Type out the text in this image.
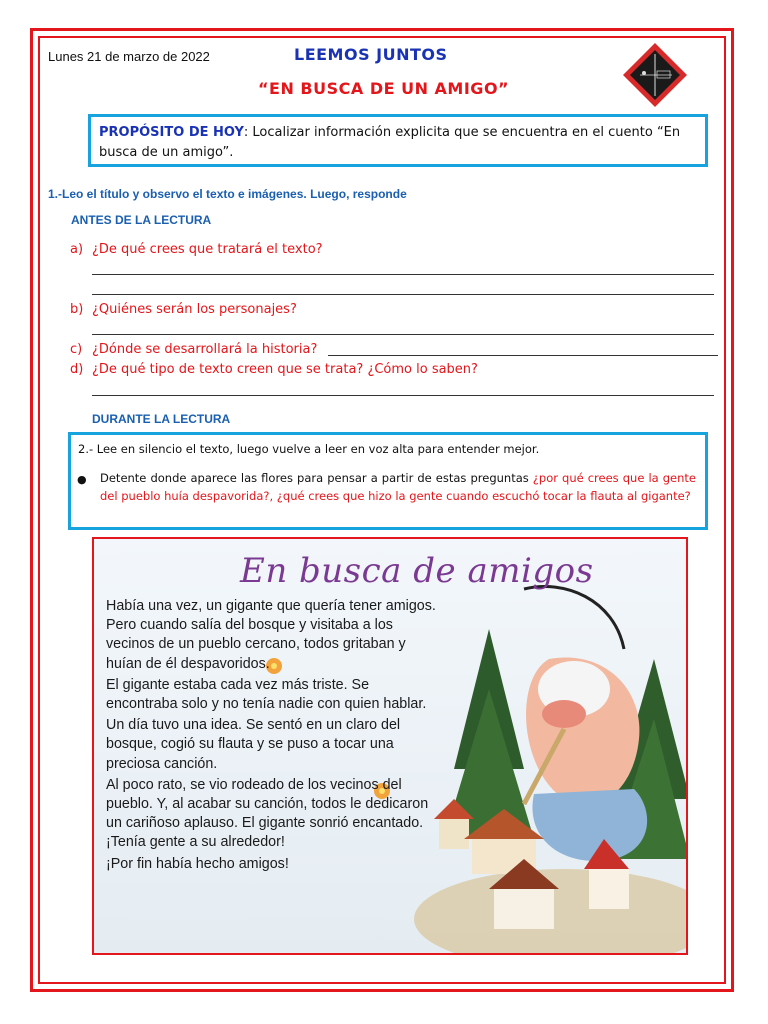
Lunes 21 de marzo de 2022	LEEMOS JUNTOS
“EN BUSCA DE UN AMIGO”
PROPÓSITO DE HOY: Localizar información explicita que se encuentra en el cuento “En busca de un amigo”.
1.-Leo el título y observo el texto e imágenes. Luego, responde
ANTES DE LA LECTURA
a) ¿De qué crees que tratará el texto?
b) ¿Quiénes serán los personajes?
c) ¿Dónde se desarrollará la historia?
d) ¿De qué tipo de texto creen que se trata? ¿Cómo lo saben?
DURANTE LA LECTURA
2.- Lee en silencio el texto, luego vuelve a leer en voz alta para entender mejor.
● Detente donde aparece las flores para pensar a partir de estas preguntas ¿por qué crees que la gente del pueblo huía despavorida?, ¿qué crees que hizo la gente cuando escuchó tocar la flauta al gigante?
En busca de amigos

Había una vez, un gigante que quería tener amigos. Pero cuando salía del bosque y visitaba a los vecinos de un pueblo cercano, todos gritaban y huían de él despavoridos.

El gigante estaba cada vez más triste. Se encontraba solo y no tenía nadie con quien hablar.

Un día tuvo una idea. Se sentó en un claro del bosque, cogió su flauta y se puso a tocar una preciosa canción.

Al poco rato, se vio rodeado de los vecinos del pueblo. Y, al acabar su canción, todos le dedicaron un cariñoso aplauso. El gigante sonrió encantado. ¡Tenía gente a su alrededor!

¡Por fin había hecho amigos!
